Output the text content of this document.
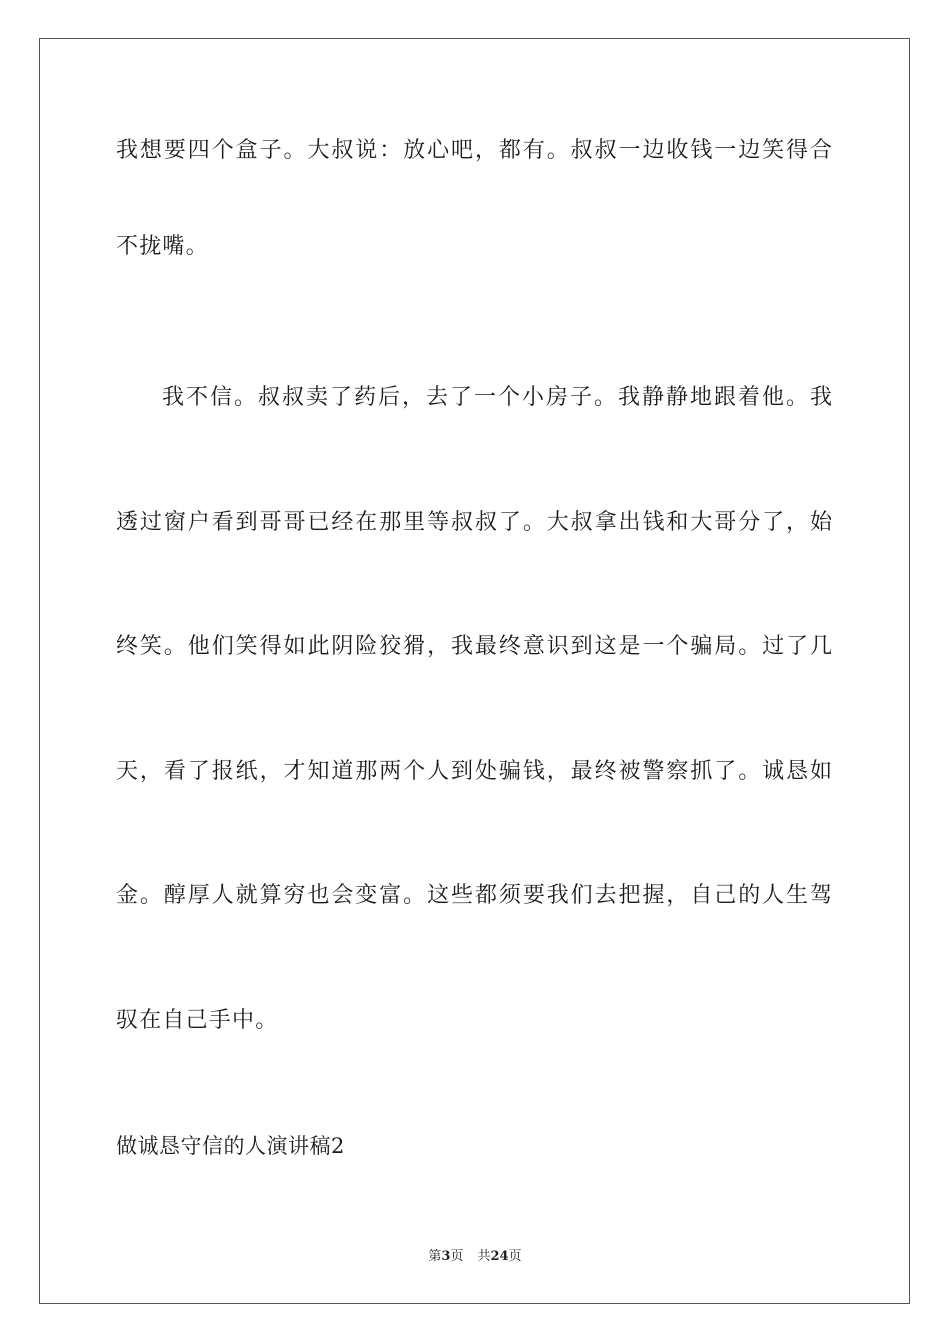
我想要四个盒子。大叔说：放心吧，都有。叔叔一边收钱一边笑得合
不拢嘴。
我不信。叔叔卖了药后，去了一个小房子。我静静地跟着他。我
透过窗户看到哥哥已经在那里等叔叔了。大叔拿出钱和大哥分了，始
终笑。他们笑得如此阴险狡猾，我最终意识到这是一个骗局。过了几
天，看了报纸，才知道那两个人到处骗钱，最终被警察抓了。诚恳如
金。醇厚人就算穷也会变富。这些都须要我们去把握，自己的人生驾
驭在自己手中。
做诚恳守信的人演讲稿2
第3页 共24页
